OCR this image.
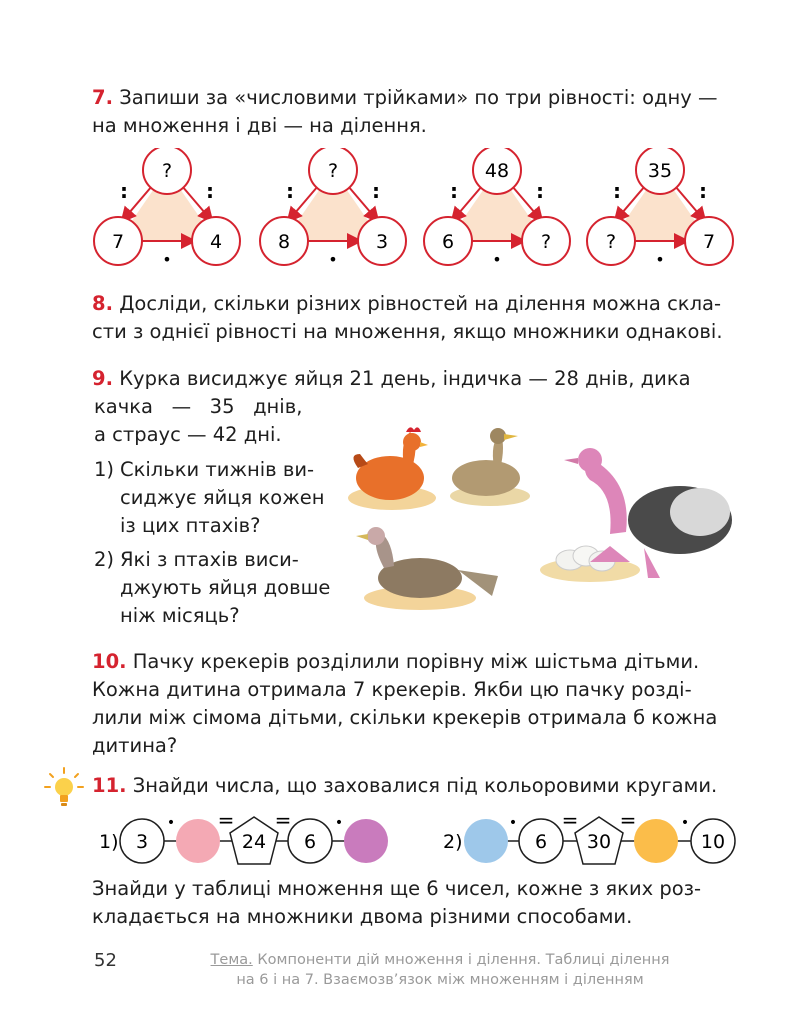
7. Запиши за «числовими трійками» по три рівності: одну —
на множення і дві — на ділення.
?
7	4
:	:
•
?
8	3
:	:
•
48
6	?
:	:
•
35
?	7
:	:
•
8. Досліди, скільки різних рівностей на ділення можна скла-
сти з однієї рівності на множення, якщо множники однакові.
9. Курка висиджує яйця 21 день, індичка — 28 днів, дика
качка   —   35   днів,
а страус — 42 дні.
1) Скільки тижнів ви-
сиджує яйця кожен
із цих птахів?
2) Які з птахів виси-
джують яйця довше
ніж місяць?
10. Пачку крекерів розділили порівну між шістьма дітьми.
Кожна дитина отримала 7 крекерів. Якби цю пачку розді-
лили між сімома дітьми, скільки крекерів отримала б кожна
дитина?
11. Знайди числа, що заховалися під кольоровими кругами.
1) 3
• =
24
=
6
•
2)
•
6
=
30
=	•
10
Знайди у таблиці множення ще 6 чисел, кожне з яких роз-
кладається на множники двома різними способами.
52	Тема. Компоненти дій множення і ділення. Таблиці ділення
на 6 і на 7. Взаємозв’язок між множенням і діленням
